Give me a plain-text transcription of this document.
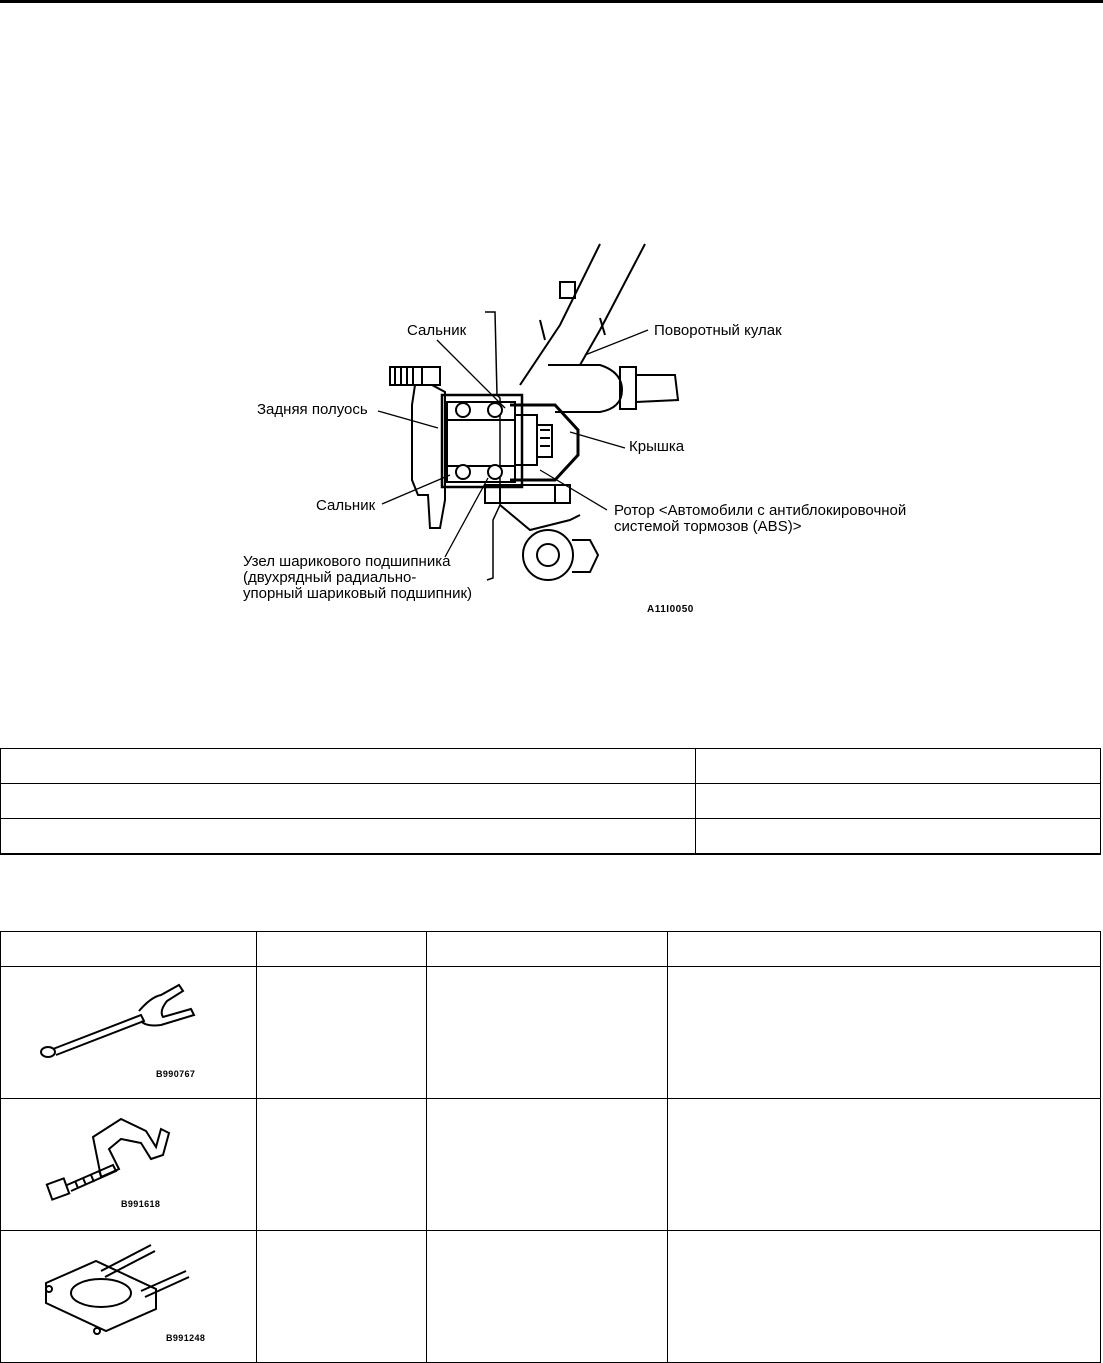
Сальник	Поворотный кулак
Задняя полуось
Крышка
Сальник	Ротор <Автомобили с антиблокировочной
системой тормозов (ABS)>
Узел шарикового подшипника
(двухрядный радиально-
упорный шариковый подшипник)
A11I0050

B990767			

B991618			

B991248			
